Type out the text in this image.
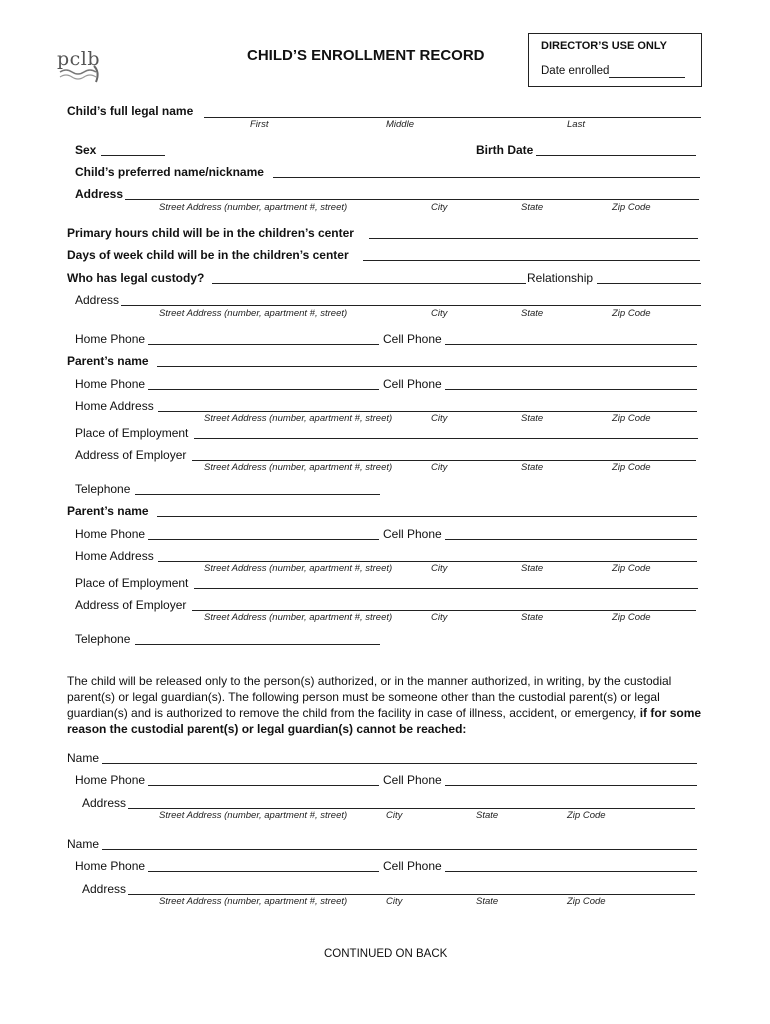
pclb	CHILD’S ENROLLMENT RECORD
DIRECTOR’S USE ONLY
Date enrolled
Child’s full legal name
First	Middle	Last
Sex	Birth Date
Child’s preferred name/nickname
Address
Street Address (number, apartment #, street)	City	State	Zip Code
Primary hours child will be in the children’s center
Days of week child will be in the children’s center
Who has legal custody?	Relationship
Address
Street Address (number, apartment #, street)	City	State	Zip Code
Home Phone	Cell Phone
Parent’s name
Home Phone	Cell Phone
Home Address
Street Address (number, apartment #, street)	City	State	Zip Code
Place of Employment
Address of Employer
Street Address (number, apartment #, street)	City	State	Zip Code
Telephone
Parent’s name
Home Phone	Cell Phone
Home Address
Street Address (number, apartment #, street)	City	State	Zip Code
Place of Employment
Address of Employer
Street Address (number, apartment #, street)	City	State	Zip Code
Telephone
The child will be released only to the person(s) authorized, or in the manner authorized, in writing, by the custodial parent(s) or legal guardian(s). The following person must be someone other than the custodial parent(s) or legal guardian(s) and is authorized to remove the child from the facility in case of illness, accident, or emergency, if for some reason the custodial parent(s) or legal guardian(s) cannot be reached:
Name
Home Phone	Cell Phone
Address
Street Address (number, apartment #, street)	City	State	Zip Code
Name
Home Phone	Cell Phone
Address
Street Address (number, apartment #, street)	City	State	Zip Code
CONTINUED ON BACK
